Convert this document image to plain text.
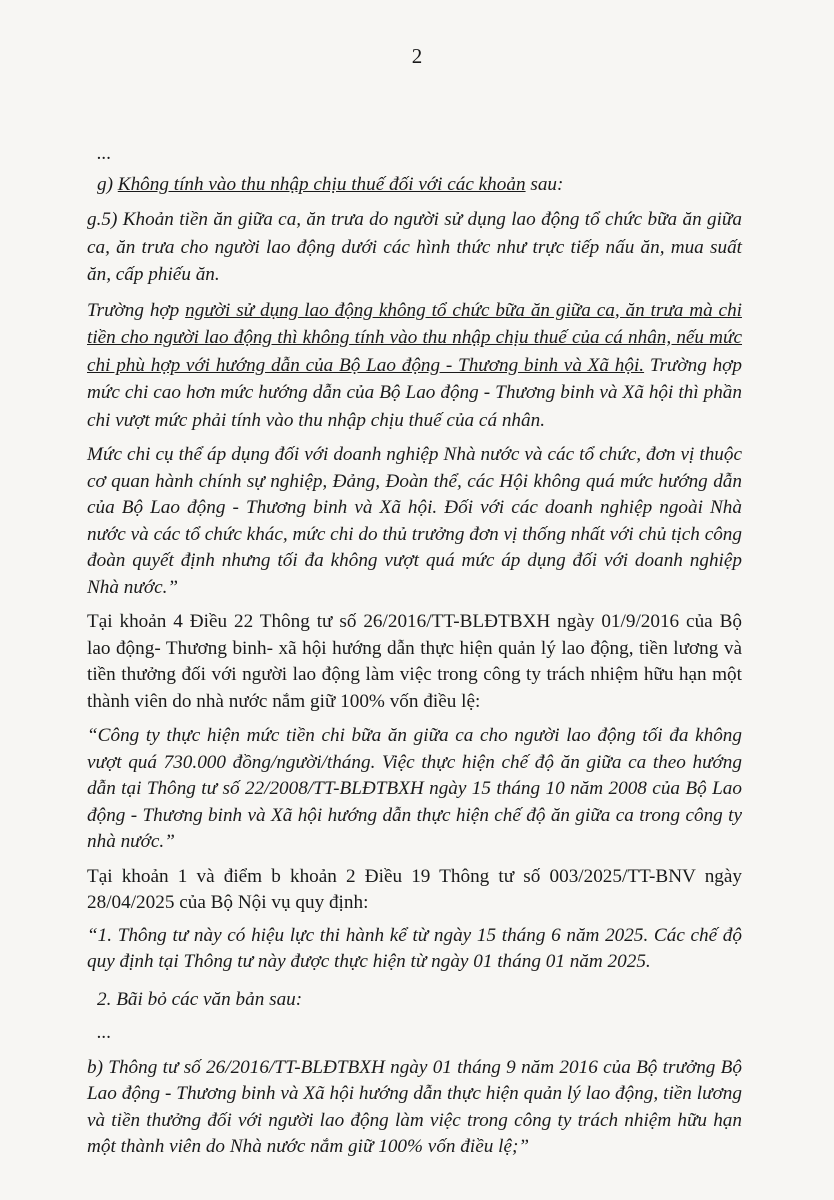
2

...

g) Không tính vào thu nhập chịu thuế đối với các khoản sau:

g.5) Khoản tiền ăn giữa ca, ăn trưa do người sử dụng lao động tổ chức bữa ăn giữa ca, ăn trưa cho người lao động dưới các hình thức như trực tiếp nấu ăn, mua suất ăn, cấp phiếu ăn.

Trường hợp người sử dụng lao động không tổ chức bữa ăn giữa ca, ăn trưa mà chi tiền cho người lao động thì không tính vào thu nhập chịu thuế của cá nhân, nếu mức chi phù hợp với hướng dẫn của Bộ Lao động - Thương binh và Xã hội. Trường hợp mức chi cao hơn mức hướng dẫn của Bộ Lao động - Thương binh và Xã hội thì phần chi vượt mức phải tính vào thu nhập chịu thuế của cá nhân.

Mức chi cụ thể áp dụng đối với doanh nghiệp Nhà nước và các tổ chức, đơn vị thuộc cơ quan hành chính sự nghiệp, Đảng, Đoàn thể, các Hội không quá mức hướng dẫn của Bộ Lao động - Thương binh và Xã hội. Đối với các doanh nghiệp ngoài Nhà nước và các tổ chức khác, mức chi do thủ trưởng đơn vị thống nhất với chủ tịch công đoàn quyết định nhưng tối đa không vượt quá mức áp dụng đối với doanh nghiệp Nhà nước.”

Tại khoản 4 Điều 22 Thông tư số 26/2016/TT-BLĐTBXH ngày 01/9/2016 của Bộ lao động- Thương binh- xã hội hướng dẫn thực hiện quản lý lao động, tiền lương và tiền thưởng đối với người lao động làm việc trong công ty trách nhiệm hữu hạn một thành viên do nhà nước nắm giữ 100% vốn điều lệ:

“Công ty thực hiện mức tiền chi bữa ăn giữa ca cho người lao động tối đa không vượt quá 730.000 đồng/người/tháng. Việc thực hiện chế độ ăn giữa ca theo hướng dẫn tại Thông tư số 22/2008/TT-BLĐTBXH ngày 15 tháng 10 năm 2008 của Bộ Lao động - Thương binh và Xã hội hướng dẫn thực hiện chế độ ăn giữa ca trong công ty nhà nước.”

Tại khoản 1 và điểm b khoản 2 Điều 19 Thông tư số 003/2025/TT-BNV ngày 28/04/2025 của Bộ Nội vụ quy định:

“1. Thông tư này có hiệu lực thi hành kể từ ngày 15 tháng 6 năm 2025. Các chế độ quy định tại Thông tư này được thực hiện từ ngày 01 tháng 01 năm 2025.

2. Bãi bỏ các văn bản sau:

...

b) Thông tư số 26/2016/TT-BLĐTBXH ngày 01 tháng 9 năm 2016 của Bộ trưởng Bộ Lao động - Thương binh và Xã hội hướng dẫn thực hiện quản lý lao động, tiền lương và tiền thưởng đối với người lao động làm việc trong công ty trách nhiệm hữu hạn một thành viên do Nhà nước nắm giữ 100% vốn điều lệ;”
